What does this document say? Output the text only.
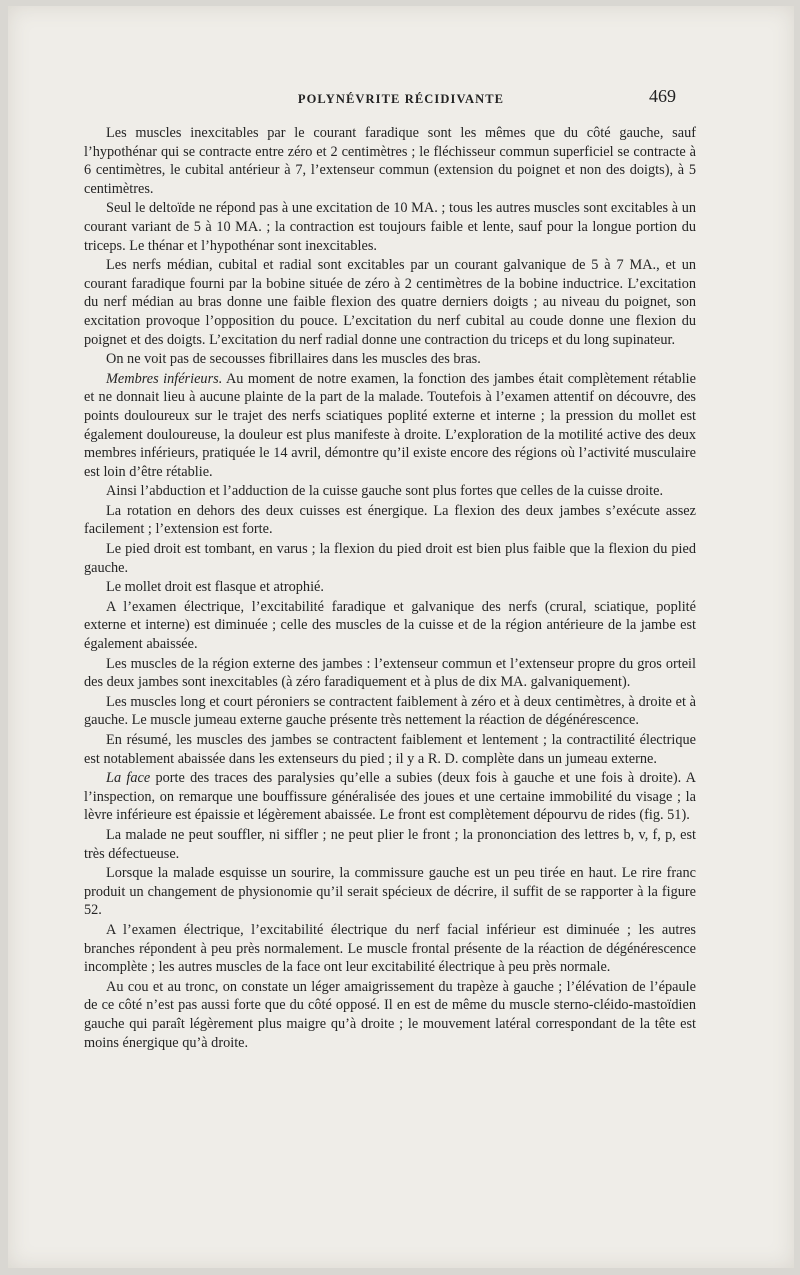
POLYNÉVRITE RÉCIDIVANTE	469

Les muscles inexcitables par le courant faradique sont les mêmes que du côté gauche, sauf l’hypothénar qui se contracte entre zéro et 2 centimètres ; le fléchisseur commun superficiel se contracte à 6 centimètres, le cubital antérieur à 7, l’extenseur commun (extension du poignet et non des doigts), à 5 centimètres.

Seul le deltoïde ne répond pas à une excitation de 10 MA. ; tous les autres muscles sont excitables à un courant variant de 5 à 10 MA. ; la contraction est toujours faible et lente, sauf pour la longue portion du triceps. Le thénar et l’hypothénar sont inexcitables.

Les nerfs médian, cubital et radial sont excitables par un courant galvanique de 5 à 7 MA., et un courant faradique fourni par la bobine située de zéro à 2 centimètres de la bobine inductrice. L’excitation du nerf médian au bras donne une faible flexion des quatre derniers doigts ; au niveau du poignet, son excitation provoque l’opposition du pouce. L’excitation du nerf cubital au coude donne une flexion du poignet et des doigts. L’excitation du nerf radial donne une contraction du triceps et du long supinateur.

On ne voit pas de secousses fibrillaires dans les muscles des bras.

Membres inférieurs. Au moment de notre examen, la fonction des jambes était complètement rétablie et ne donnait lieu à aucune plainte de la part de la malade. Toutefois à l’examen attentif on découvre, des points douloureux sur le trajet des nerfs sciatiques poplité externe et interne ; la pression du mollet est également douloureuse, la douleur est plus manifeste à droite. L’exploration de la motilité active des deux membres inférieurs, pratiquée le 14 avril, démontre qu’il existe encore des régions où l’activité musculaire est loin d’être rétablie.

Ainsi l’abduction et l’adduction de la cuisse gauche sont plus fortes que celles de la cuisse droite.

La rotation en dehors des deux cuisses est énergique. La flexion des deux jambes s’exécute assez facilement ; l’extension est forte.

Le pied droit est tombant, en varus ; la flexion du pied droit est bien plus faible que la flexion du pied gauche.

Le mollet droit est flasque et atrophié.

A l’examen électrique, l’excitabilité faradique et galvanique des nerfs (crural, sciatique, poplité externe et interne) est diminuée ; celle des muscles de la cuisse et de la région antérieure de la jambe est également abaissée.

Les muscles de la région externe des jambes : l’extenseur commun et l’extenseur propre du gros orteil des deux jambes sont inexcitables (à zéro faradiquement et à plus de dix MA. galvaniquement).

Les muscles long et court péroniers se contractent faiblement à zéro et à deux centimètres, à droite et à gauche. Le muscle jumeau externe gauche présente très nettement la réaction de dégénérescence.

En résumé, les muscles des jambes se contractent faiblement et lentement ; la contractilité électrique est notablement abaissée dans les extenseurs du pied ; il y a R. D. complète dans un jumeau externe.

La face porte des traces des paralysies qu’elle a subies (deux fois à gauche et une fois à droite). A l’inspection, on remarque une bouffissure généralisée des joues et une certaine immobilité du visage ; la lèvre inférieure est épaissie et légèrement abaissée. Le front est complètement dépourvu de rides (fig. 51).

La malade ne peut souffler, ni siffler ; ne peut plier le front ; la prononciation des lettres b, v, f, p, est très défectueuse.

Lorsque la malade esquisse un sourire, la commissure gauche est un peu tirée en haut. Le rire franc produit un changement de physionomie qu’il serait spécieux de décrire, il suffit de se rapporter à la figure 52.

A l’examen électrique, l’excitabilité électrique du nerf facial inférieur est diminuée ; les autres branches répondent à peu près normalement. Le muscle frontal présente de la réaction de dégénérescence incomplète ; les autres muscles de la face ont leur excitabilité électrique à peu près normale.

Au cou et au tronc, on constate un léger amaigrissement du trapèze à gauche ; l’élévation de l’épaule de ce côté n’est pas aussi forte que du côté opposé. Il en est de même du muscle sterno-cléido-mastoïdien gauche qui paraît légèrement plus maigre qu’à droite ; le mouvement latéral correspondant de la tête est moins énergique qu’à droite.
